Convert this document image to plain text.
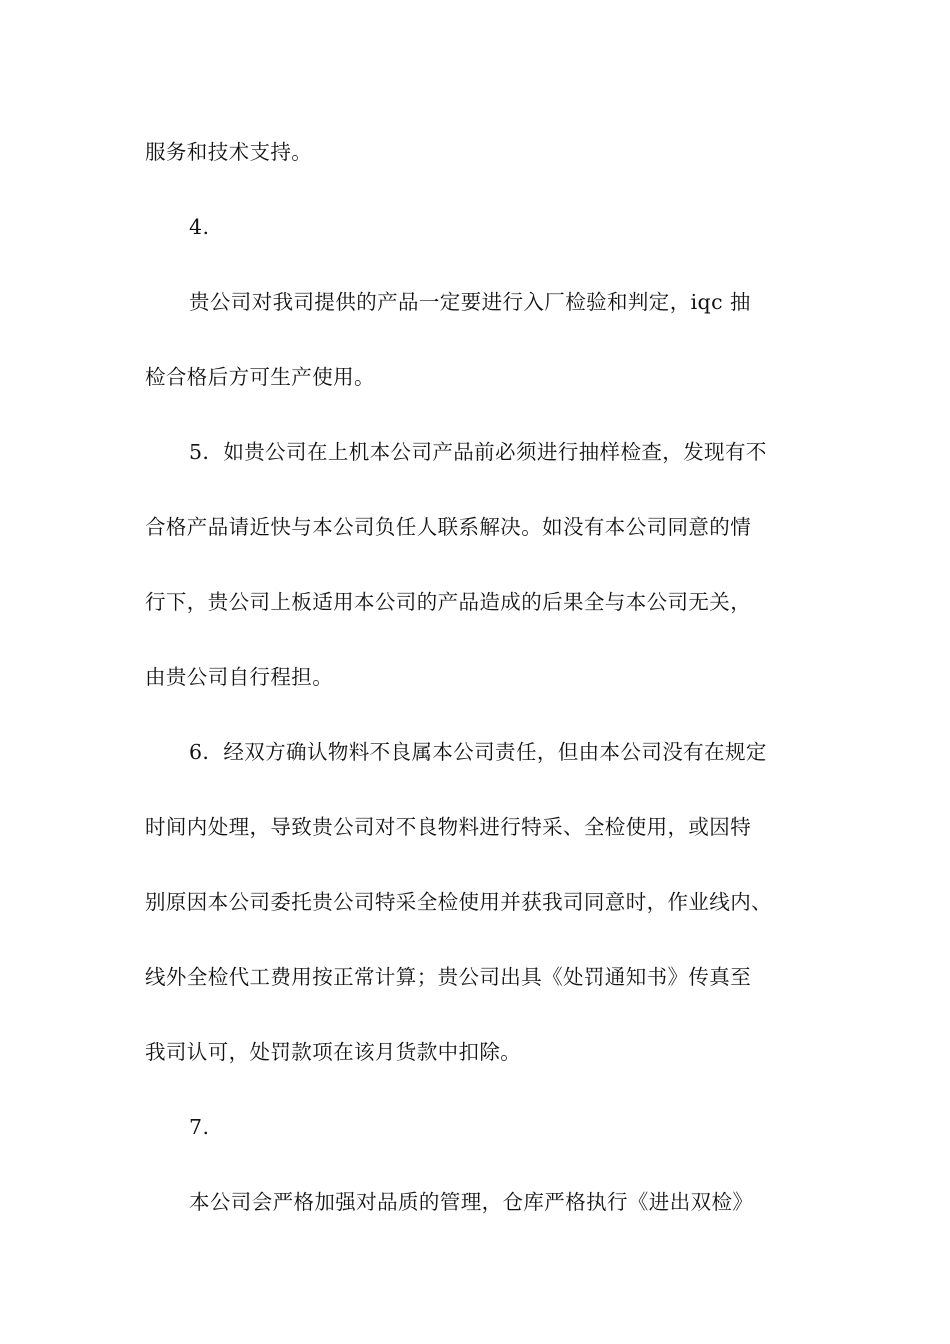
服务和技术支持。
4.
贵公司对我司提供的产品一定要进行入厂检验和判定，iqc 抽
检合格后方可生产使用。
5．如贵公司在上机本公司产品前必须进行抽样检查，发现有不
合格产品请近快与本公司负任人联系解决。如没有本公司同意的情
行下，贵公司上板适用本公司的产品造成的后果全与本公司无关，
由贵公司自行程担。
6．经双方确认物料不良属本公司责任，但由本公司没有在规定
时间内处理，导致贵公司对不良物料进行特采、全检使用，或因特
别原因本公司委托贵公司特采全检使用并获我司同意时，作业线内、
线外全检代工费用按正常计算；贵公司出具《处罚通知书》传真至
我司认可，处罚款项在该月货款中扣除。
7.
本公司会严格加强对品质的管理，仓库严格执行《进出双检》
